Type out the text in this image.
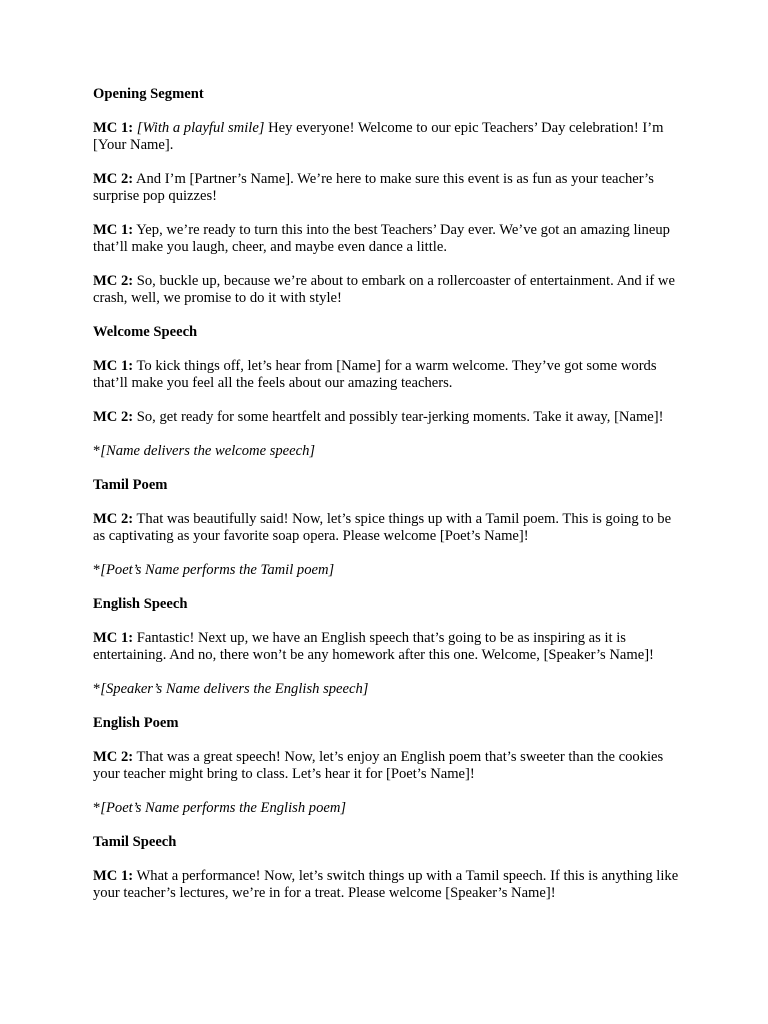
Opening Segment

MC 1: [With a playful smile] Hey everyone! Welcome to our epic Teachers’ Day celebration! I’m [Your Name].

MC 2: And I’m [Partner’s Name]. We’re here to make sure this event is as fun as your teacher’s surprise pop quizzes!

MC 1: Yep, we’re ready to turn this into the best Teachers’ Day ever. We’ve got an amazing lineup that’ll make you laugh, cheer, and maybe even dance a little.

MC 2: So, buckle up, because we’re about to embark on a rollercoaster of entertainment. And if we crash, well, we promise to do it with style!

Welcome Speech

MC 1: To kick things off, let’s hear from [Name] for a warm welcome. They’ve got some words that’ll make you feel all the feels about our amazing teachers.

MC 2: So, get ready for some heartfelt and possibly tear-jerking moments. Take it away, [Name]!

*[Name delivers the welcome speech]

Tamil Poem

MC 2: That was beautifully said! Now, let’s spice things up with a Tamil poem. This is going to be as captivating as your favorite soap opera. Please welcome [Poet’s Name]!

*[Poet’s Name performs the Tamil poem]

English Speech

MC 1: Fantastic! Next up, we have an English speech that’s going to be as inspiring as it is entertaining. And no, there won’t be any homework after this one. Welcome, [Speaker’s Name]!

*[Speaker’s Name delivers the English speech]

English Poem

MC 2: That was a great speech! Now, let’s enjoy an English poem that’s sweeter than the cookies your teacher might bring to class. Let’s hear it for [Poet’s Name]!

*[Poet’s Name performs the English poem]

Tamil Speech

MC 1: What a performance! Now, let’s switch things up with a Tamil speech. If this is anything like your teacher’s lectures, we’re in for a treat. Please welcome [Speaker’s Name]!
